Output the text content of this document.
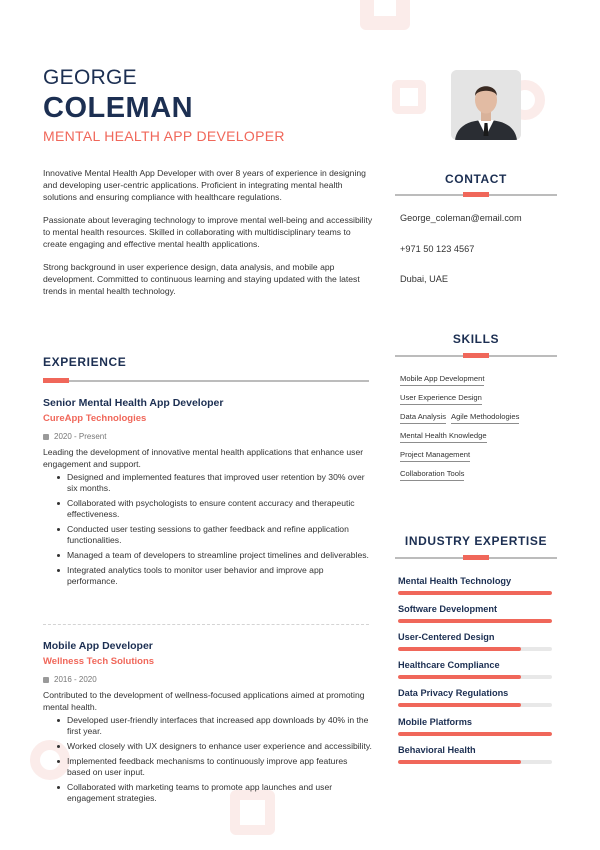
GEORGE
COLEMAN
MENTAL HEALTH APP DEVELOPER

Innovative Mental Health App Developer with over 8 years of experience in designing and developing user-centric applications. Proficient in integrating mental health solutions and ensuring compliance with healthcare regulations.

Passionate about leveraging technology to improve mental well-being and accessibility to mental health resources. Skilled in collaborating with multidisciplinary teams to create engaging and effective mental health applications.

Strong background in user experience design, data analysis, and mobile app development. Committed to continuous learning and staying updated with the latest trends in mental health technology.

EXPERIENCE
Senior Mental Health App Developer
CureApp Technologies
2020 - Present
Leading the development of innovative mental health applications that enhance user engagement and support.
Designed and implemented features that improved user retention by 30% over six months.
Collaborated with psychologists to ensure content accuracy and therapeutic effectiveness.
Conducted user testing sessions to gather feedback and refine application functionalities.
Managed a team of developers to streamline project timelines and deliverables.
Integrated analytics tools to monitor user behavior and improve app performance.
Mobile App Developer
Wellness Tech Solutions
2016 - 2020
Contributed to the development of wellness-focused applications aimed at promoting mental health.
Developed user-friendly interfaces that increased app downloads by 40% in the first year.
Worked closely with UX designers to enhance user experience and accessibility.
Implemented feedback mechanisms to continuously improve app features based on user input.
Collaborated with marketing teams to promote app launches and user engagement strategies.
CONTACT
George_coleman@email.com
+971 50 123 4567
Dubai, UAE
SKILLS
Mobile App Development
User Experience Design
Data Analysis Agile Methodologies
Mental Health Knowledge
Project Management
Collaboration Tools
INDUSTRY EXPERTISE
Mental Health Technology
Software Development
User-Centered Design
Healthcare Compliance
Data Privacy Regulations
Mobile Platforms
Behavioral Health
